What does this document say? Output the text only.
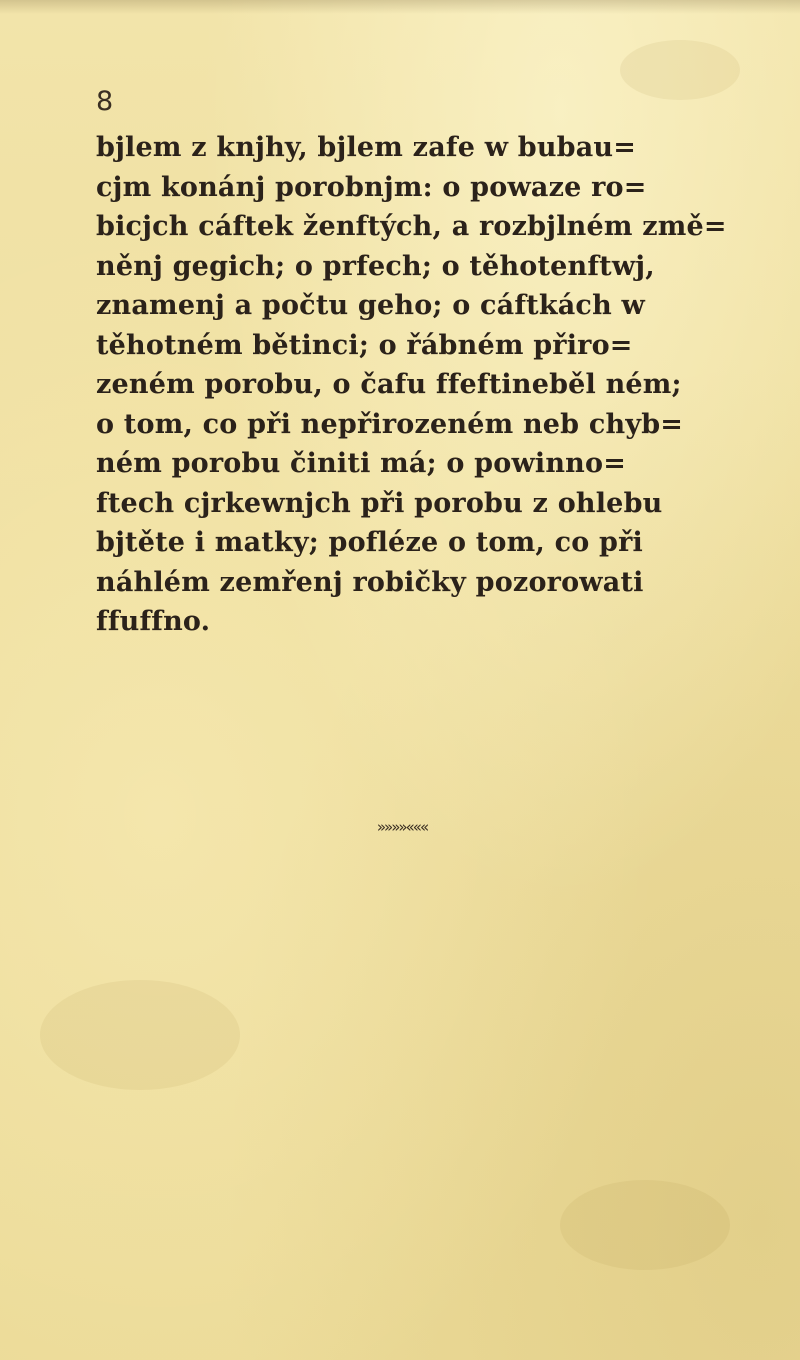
8
bjlem z knjhy, bjlem zafe w bubau=
cjm konánj porobnjm: o powaze ro=
bicjch cáftek ženftých, a rozbjlném změ=
něnj gegich; o prfech; o těhotenftwj,
znamenj a počtu geho; o cáftkách w
těhotném bětinci; o řábném přiro=
zeném porobu, o čafu ffeftineběl ném;
o tom, co při nepřirozeném neb chyb=
ném porobu činiti má; o powinno=
ftech cjrkewnjch při porobu z ohlebu
bjtěte i matky; pofléze o tom, co při
náhlém zemřenj robičky pozorowati
ffuffno.
»»»»«««
